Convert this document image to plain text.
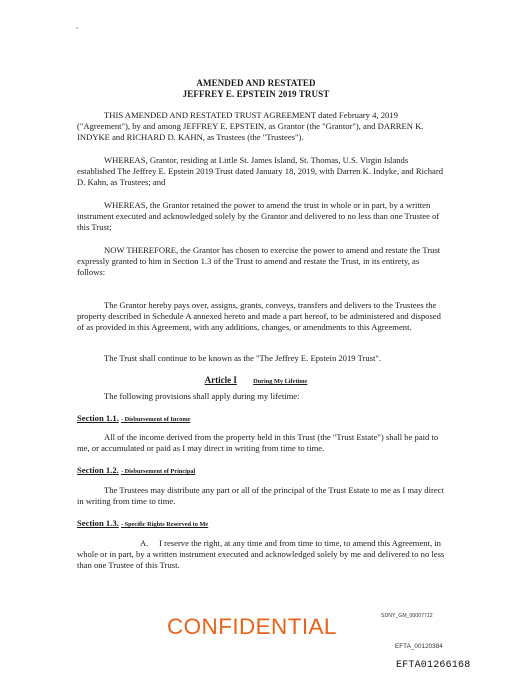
AMENDED AND RESTATED
JEFFREY E. EPSTEIN 2019 TRUST

THIS AMENDED AND RESTATED TRUST AGREEMENT dated February 4, 2019 ("Agreement"), by and among JEFFREY E. EPSTEIN, as Grantor (the "Grantor"), and DARREN K. INDYKE and RICHARD D. KAHN, as Trustees (the "Trustees").

WHEREAS, Grantor, residing at Little St. James Island, St. Thomas, U.S. Virgin Islands established The Jeffrey E. Epstein 2019 Trust dated January 18, 2019, with Darren K. Indyke, and Richard D. Kahn, as Trustees; and

WHEREAS, the Grantor retained the power to amend the trust in whole or in part, by a written instrument executed and acknowledged solely by the Grantor and delivered to no less than one Trustee of this Trust;

NOW THEREFORE, the Grantor has chosen to exercise the power to amend and restate the Trust expressly granted to him in Section 1.3 of the Trust to amend and restate the Trust, in its entirety, as follows:

The Grantor hereby pays over, assigns, grants, conveys, transfers and delivers to the Trustees the property described in Schedule A annexed hereto and made a part hereof, to be administered and disposed of as provided in this Agreement, with any additions, changes, or amendments to this Agreement.

The Trust shall continue to be known as the "The Jeffrey E. Epstein 2019 Trust".

Article I	During My Lifetime

The following provisions shall apply during my lifetime:

Section 1.1. - Disbursement of Income

All of the income derived from the property held in this Trust (the "Trust Estate") shall be paid to me, or accumulated or paid as I may direct in writing from time to time.

Section 1.2. - Disbursement of Principal

The Trustees may distribute any part or all of the principal of the Trust Estate to me as I may direct in writing from time to time.

Section 1.3. - Specific Rights Reserved to Me

A.     I reserve the right, at any time and from time to time, to amend this Agreement, in whole or in part, by a written instrument executed and acknowledged solely by me and delivered to no less than one Trustee of this Trust.

CONFIDENTIAL	SDNY_GM_00007712
EFTA_00120384
EFTA01266168
